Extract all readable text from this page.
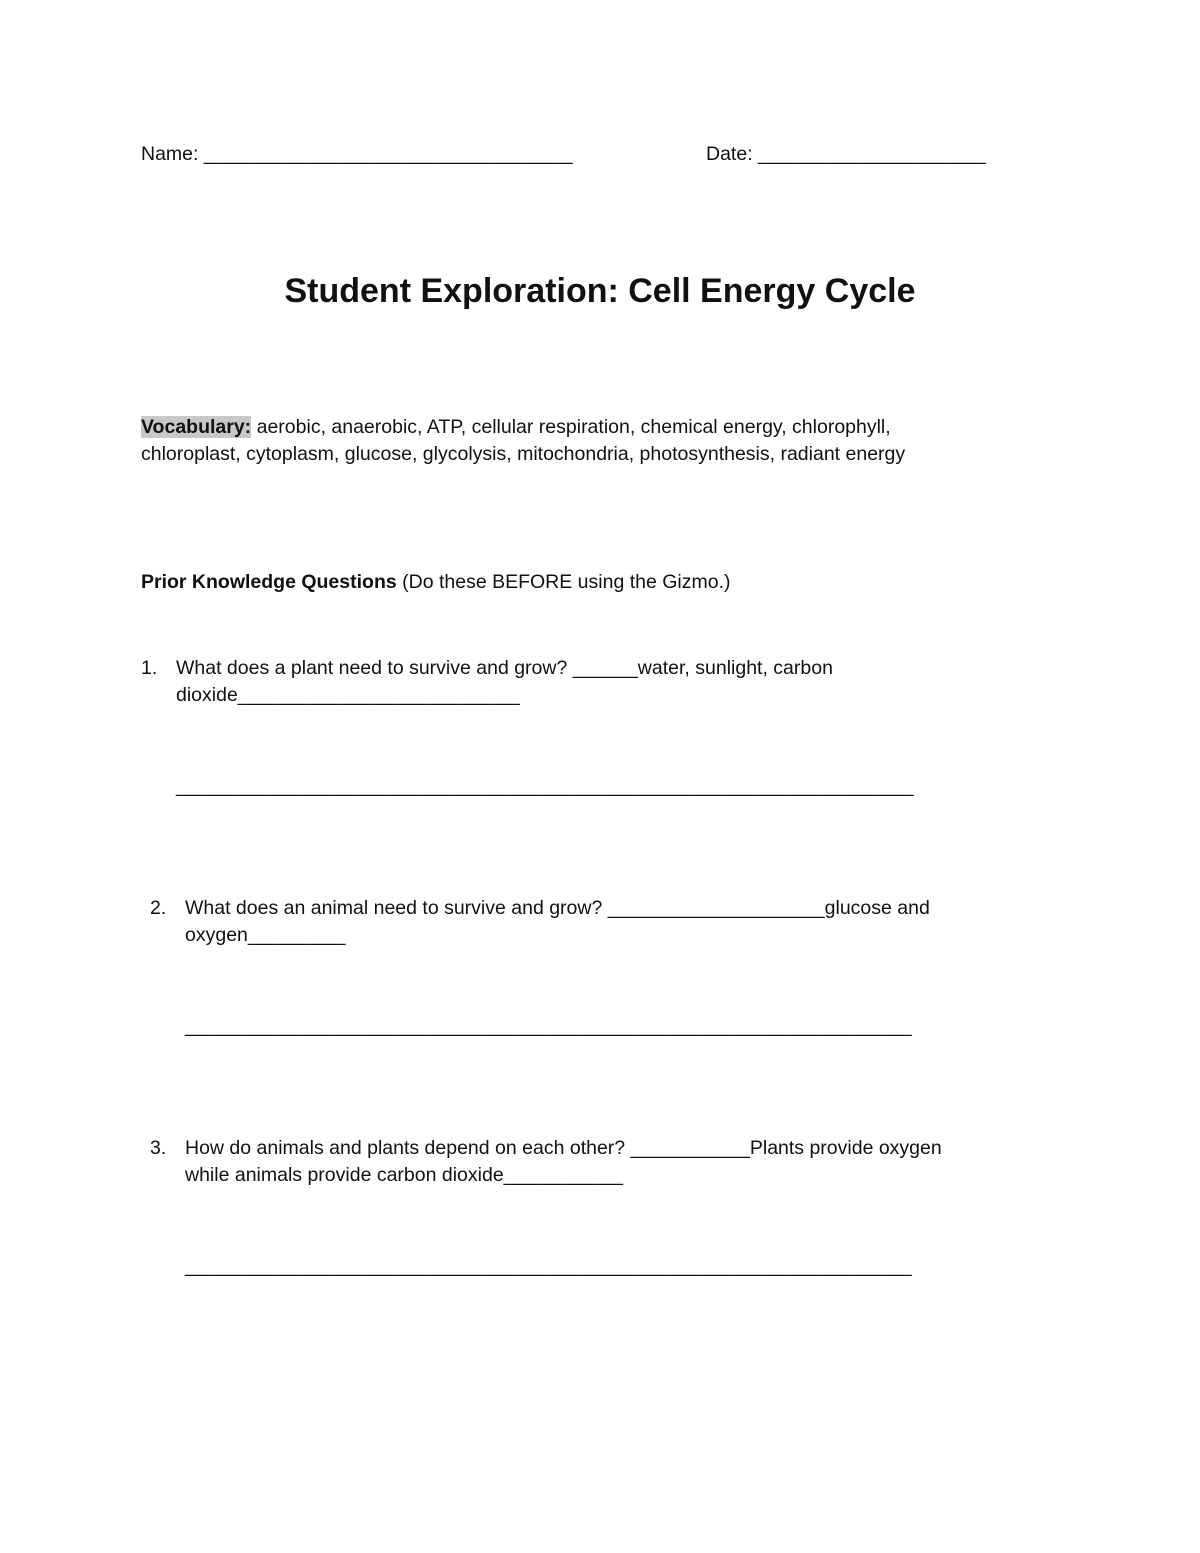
Name: __________________________________	Date: _____________________
Student Exploration: Cell Energy Cycle
Vocabulary: aerobic, anaerobic, ATP, cellular respiration, chemical energy, chlorophyll,
chloroplast, cytoplasm, glucose, glycolysis, mitochondria, photosynthesis, radiant energy
Prior Knowledge Questions (Do these BEFORE using the Gizmo.)
1. What does a plant need to survive and grow? ______water, sunlight, carbon
dioxide__________________________
____________________________________________________________________
2. What does an animal need to survive and grow? ____________________glucose and
oxygen_________
___________________________________________________________________
3. How do animals and plants depend on each other? ___________Plants provide oxygen
while animals provide carbon dioxide___________
___________________________________________________________________
